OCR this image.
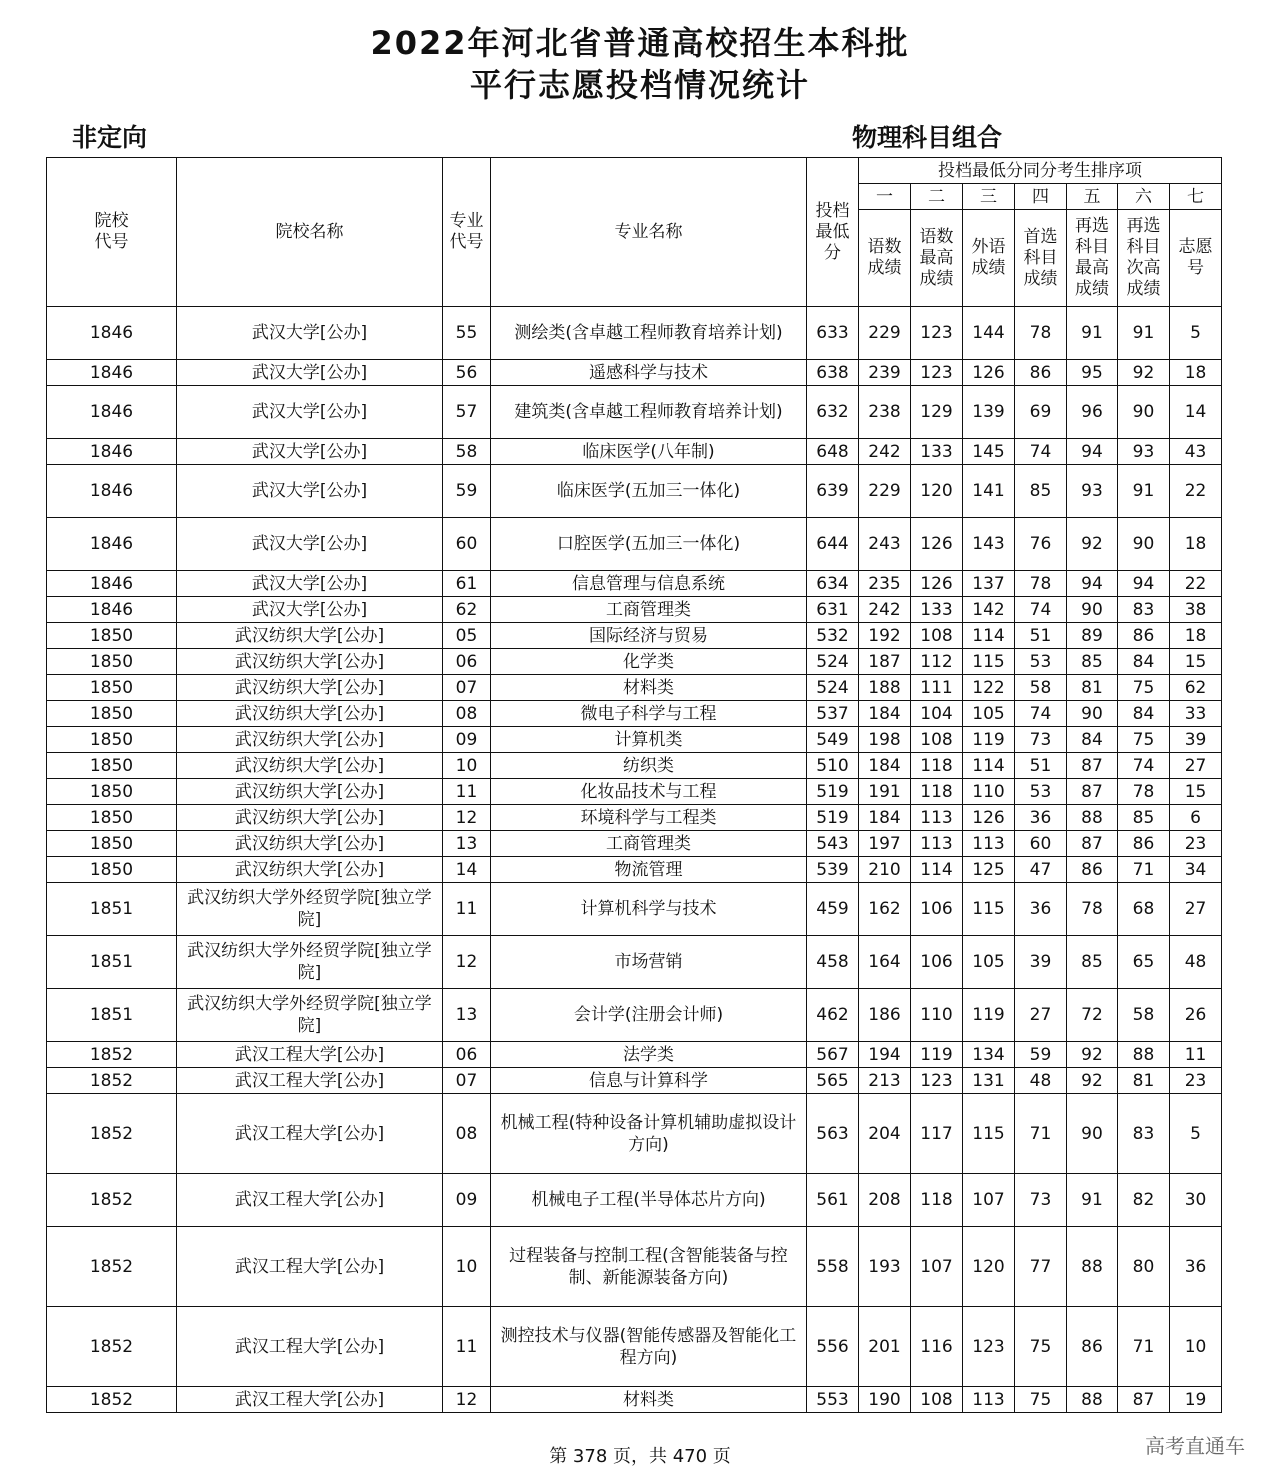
2022年河北省普通高校招生本科批
平行志愿投档情况统计
非定向	物理科目组合
院校代号	院校名称	专业代号	专业名称	投档最低分	投档最低分同分考生排序项						
					一	二	三	四	五	六	七
					语数成绩	语数最高成绩	外语成绩	首选科目成绩	再选科目最高成绩	再选科目次高成绩	志愿号
1846	武汉大学[公办]	55	测绘类(含卓越工程师教育培养计划)	633	229	123	144	78	91	91	5
1846	武汉大学[公办]	56	遥感科学与技术	638	239	123	126	86	95	92	18
1846	武汉大学[公办]	57	建筑类(含卓越工程师教育培养计划)	632	238	129	139	69	96	90	14
1846	武汉大学[公办]	58	临床医学(八年制)	648	242	133	145	74	94	93	43
1846	武汉大学[公办]	59	临床医学(五加三一体化)	639	229	120	141	85	93	91	22
1846	武汉大学[公办]	60	口腔医学(五加三一体化)	644	243	126	143	76	92	90	18
1846	武汉大学[公办]	61	信息管理与信息系统	634	235	126	137	78	94	94	22
1846	武汉大学[公办]	62	工商管理类	631	242	133	142	74	90	83	38
1850	武汉纺织大学[公办]	05	国际经济与贸易	532	192	108	114	51	89	86	18
1850	武汉纺织大学[公办]	06	化学类	524	187	112	115	53	85	84	15
1850	武汉纺织大学[公办]	07	材料类	524	188	111	122	58	81	75	62
1850	武汉纺织大学[公办]	08	微电子科学与工程	537	184	104	105	74	90	84	33
1850	武汉纺织大学[公办]	09	计算机类	549	198	108	119	73	84	75	39
1850	武汉纺织大学[公办]	10	纺织类	510	184	118	114	51	87	74	27
1850	武汉纺织大学[公办]	11	化妆品技术与工程	519	191	118	110	53	87	78	15
1850	武汉纺织大学[公办]	12	环境科学与工程类	519	184	113	126	36	88	85	6
1850	武汉纺织大学[公办]	13	工商管理类	543	197	113	113	60	87	86	23
1850	武汉纺织大学[公办]	14	物流管理	539	210	114	125	47	86	71	34
1851	武汉纺织大学外经贸学院[独立学院]	11	计算机科学与技术	459	162	106	115	36	78	68	27
1851	武汉纺织大学外经贸学院[独立学院]	12	市场营销	458	164	106	105	39	85	65	48
1851	武汉纺织大学外经贸学院[独立学院]	13	会计学(注册会计师)	462	186	110	119	27	72	58	26
1852	武汉工程大学[公办]	06	法学类	567	194	119	134	59	92	88	11
1852	武汉工程大学[公办]	07	信息与计算科学	565	213	123	131	48	92	81	23
1852	武汉工程大学[公办]	08	机械工程(特种设备计算机辅助虚拟设计方向)	563	204	117	115	71	90	83	5
1852	武汉工程大学[公办]	09	机械电子工程(半导体芯片方向)	561	208	118	107	73	91	82	30
1852	武汉工程大学[公办]	10	过程装备与控制工程(含智能装备与控制、新能源装备方向)	558	193	107	120	77	88	80	36
1852	武汉工程大学[公办]	11	测控技术与仪器(智能传感器及智能化工程方向)	556	201	116	123	75	86	71	10
1852	武汉工程大学[公办]	12	材料类	553	190	108	113	75	88	87	19
第 378 页，共 470 页	高考直通车
